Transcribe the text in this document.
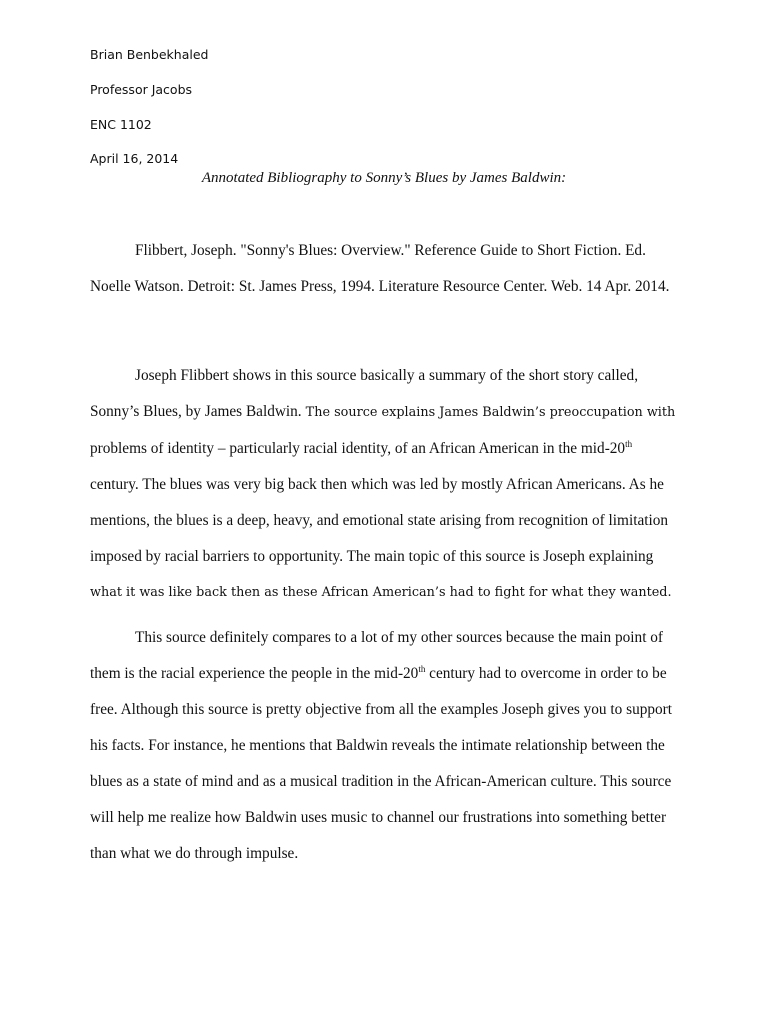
Brian Benbekhaled
Professor Jacobs
ENC 1102
April 16, 2014
Annotated Bibliography to Sonny’s Blues by James Baldwin:
Flibbert, Joseph. "Sonny's Blues: Overview." Reference Guide to Short Fiction. Ed.
Noelle Watson. Detroit: St. James Press, 1994. Literature Resource Center. Web. 14 Apr. 2014.
Joseph Flibbert shows in this source basically a summary of the short story called,
Sonny’s Blues, by James Baldwin. The source explains James Baldwin’s preoccupation with
problems of identity – particularly racial identity, of an African American in the mid-20th
century. The blues was very big back then which was led by mostly African Americans. As he
mentions, the blues is a deep, heavy, and emotional state arising from recognition of limitation
imposed by racial barriers to opportunity. The main topic of this source is Joseph explaining
what it was like back then as these African American’s had to fight for what they wanted.
This source definitely compares to a lot of my other sources because the main point of
them is the racial experience the people in the mid-20th century had to overcome in order to be
free. Although this source is pretty objective from all the examples Joseph gives you to support
his facts. For instance, he mentions that Baldwin reveals the intimate relationship between the
blues as a state of mind and as a musical tradition in the African-American culture. This source
will help me realize how Baldwin uses music to channel our frustrations into something better
than what we do through impulse.
